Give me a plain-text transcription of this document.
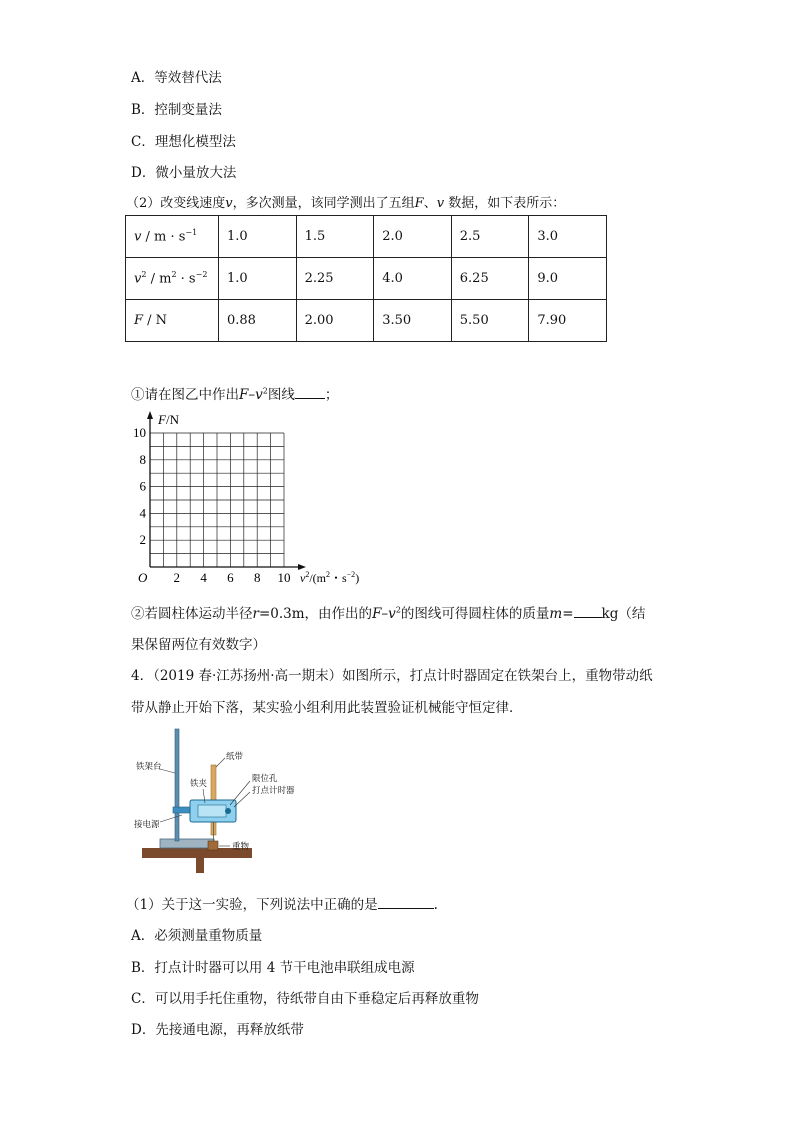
A．等效替代法
B．控制变量法
C．理想化模型法
D．微小量放大法
（2）改变线速度v，多次测量，该同学测出了五组F、v 数据，如下表所示：
$v / m \cdot s^{-1}$	1.0	1.5	2.0	2.5	3.0
$v^2 / m^2 \cdot s^{-2}$	1.0	2.25	4.0	6.25	9.0
F / N	0.88	2.00	3.50	5.50	7.90
①请在图乙中作出$F-v^2$图线 ；
F/N
O
10
8
6
4
2
2 4 6 8 10 $v^2/(m^2$・$s^{-2}$)
②若圆柱体运动半径r=0.3m，由作出的$F-v^2$的图线可得圆柱体的质量m= kg（结
果保留两位有效数字）
4．（2019 春·江苏扬州·高一期末）如图所示，打点计时器固定在铁架台上，重物带动纸
带从静止开始下落，某实验小组利用此装置验证机械能守恒定律．
铁架台
铁夹
纸带
限位孔
打点计时器
接电源
重物
（1）关于这一实验，下列说法中正确的是	.
A．必须测量重物质量
B．打点计时器可以用 4 节干电池串联组成电源
C．可以用手托住重物，待纸带自由下垂稳定后再释放重物
D．先接通电源，再释放纸带
